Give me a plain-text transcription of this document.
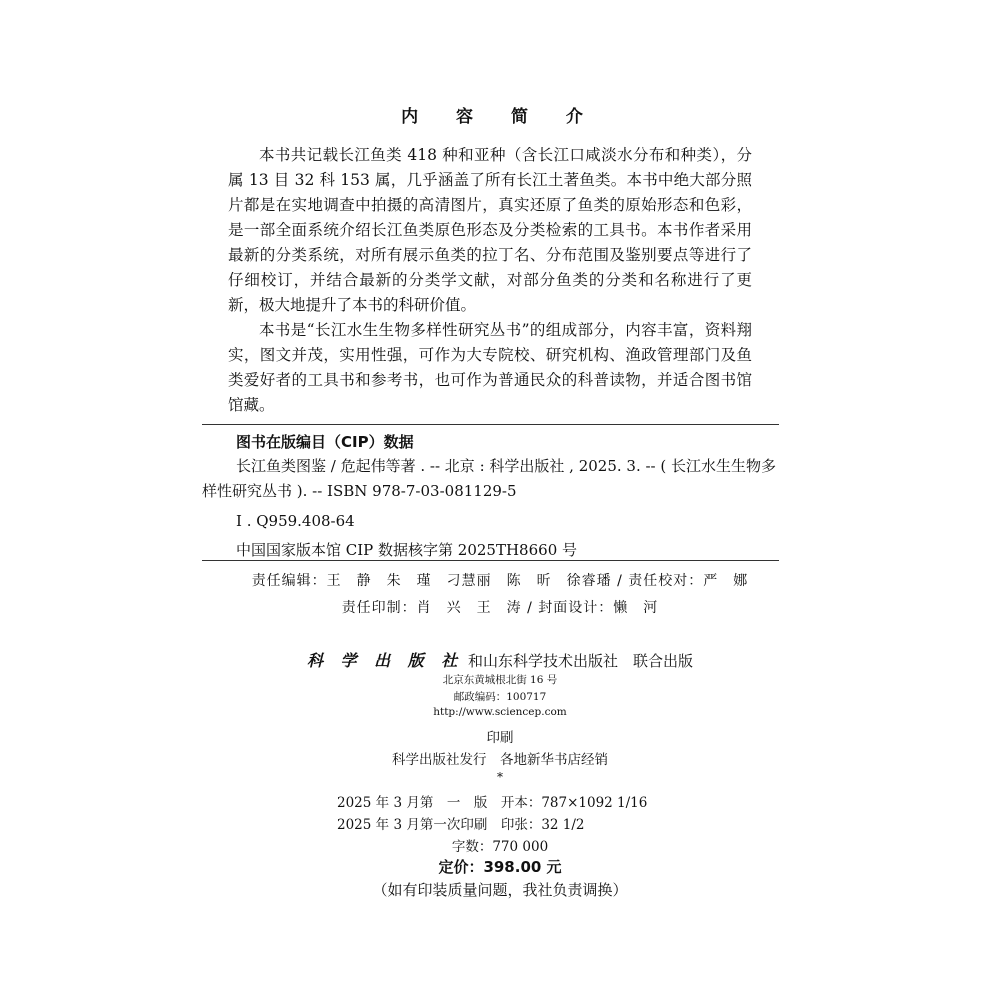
内 容 简 介

本书共记载长江鱼类 418 种和亚种（含长江口咸淡水分布和种类），分属 13 目 32 科 153 属，几乎涵盖了所有长江土著鱼类。本书中绝大部分照片都是在实地调查中拍摄的高清图片，真实还原了鱼类的原始形态和色彩，是一部全面系统介绍长江鱼类原色形态及分类检索的工具书。本书作者采用最新的分类系统，对所有展示鱼类的拉丁名、分布范围及鉴别要点等进行了仔细校订，并结合最新的分类学文献，对部分鱼类的分类和名称进行了更新，极大地提升了本书的科研价值。

本书是“长江水生生物多样性研究丛书”的组成部分，内容丰富，资料翔实，图文并茂，实用性强，可作为大专院校、研究机构、渔政管理部门及鱼类爱好者的工具书和参考书，也可作为普通民众的科普读物，并适合图书馆馆藏。

图书在版编目（CIP）数据
长江鱼类图鉴 / 危起伟等著 . -- 北京 : 科学出版社 , 2025. 3. -- ( 长江水生生物多样性研究丛书 ). -- ISBN 978-7-03-081129-5
Ⅰ . Q959.408-64
中国国家版本馆 CIP 数据核字第 2025TH8660 号
责任编辑：王　静　朱　瑾　刁慧丽　陈　昕　徐睿璠 / 责任校对：严　娜
责任印制：肖　兴　王　涛 / 封面设计：懒　河
科 学 出 版 社 和山东科学技术出版社　联合出版
北京东黄城根北街 16 号
邮政编码：100717
http://www.sciencep.com
印刷
科学出版社发行　各地新华书店经销
*
2025 年 3 月第　一　版　开本：787×1092 1/16
2025 年 3 月第一次印刷　印张：32 1/2
字数：770 000
定价：398.00 元
（如有印装质量问题，我社负责调换）
